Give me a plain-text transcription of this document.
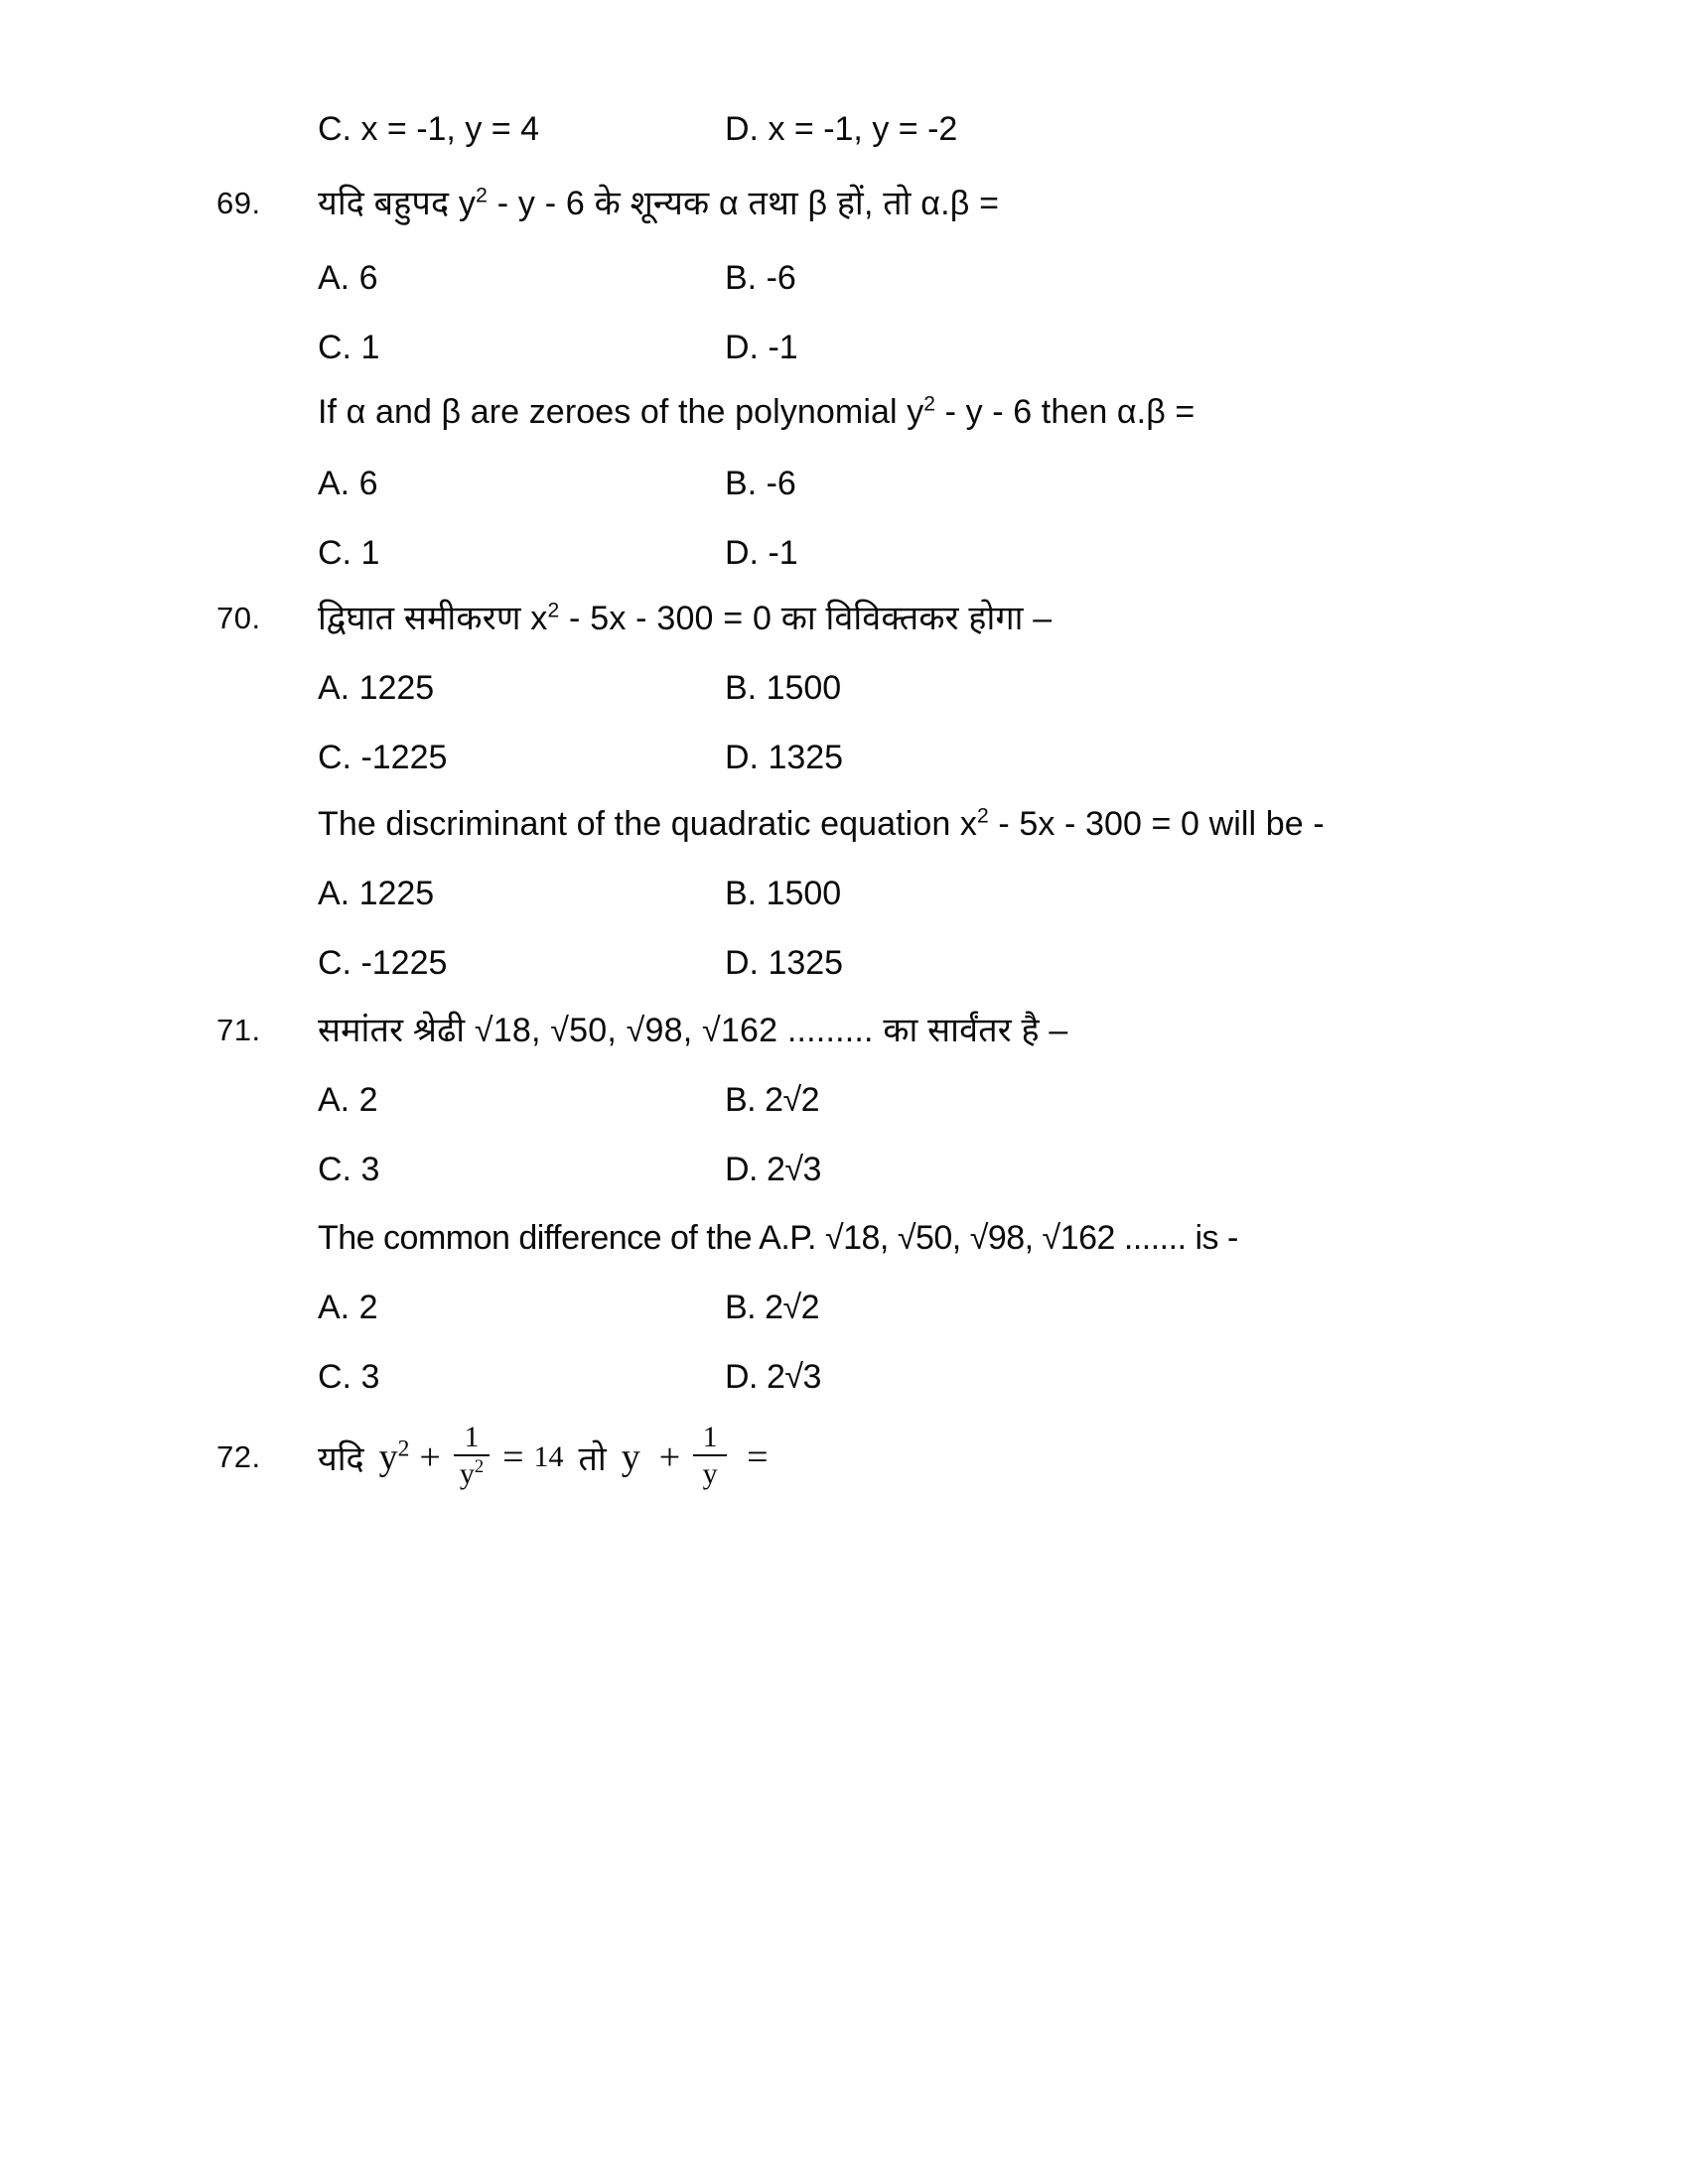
C. x = -1, y = 4	D. x = -1, y = -2
69.	यदि बहुपद $y^2$ - y - 6 के शून्यक α तथा β हों, तो α.β =
A. 6	B. -6
C. 1	D. -1
If α and β are zeroes of the polynomial $y^2$ - y - 6 then α.β =
A. 6	B. -6
C. 1	D. -1
70.	द्विघात समीकरण $x^2 - 5x - 300 = 0$ का विविक्तकर होगा –
A. 1225	B. 1500
C. -1225	D. 1325
The discriminant of the quadratic equation $x^2 - 5x - 300 = 0$ will be -
A. 1225	B. 1500
C. -1225	D. 1325
71.	समांतर श्रेढी √18, √50, √98, √162 ......... का सार्वंतर है –
A. 2	B. 2√2
C. 3	D. 2√3
The common difference of the A.P. √18, √50, √98, √162 ....... is -
A. 2	B. 2√2
C. 3	D. 2√3
72.	यदि $y^2 + \frac{1}{y^2} = 14$ तो $y + \frac{1}{y}$ =
